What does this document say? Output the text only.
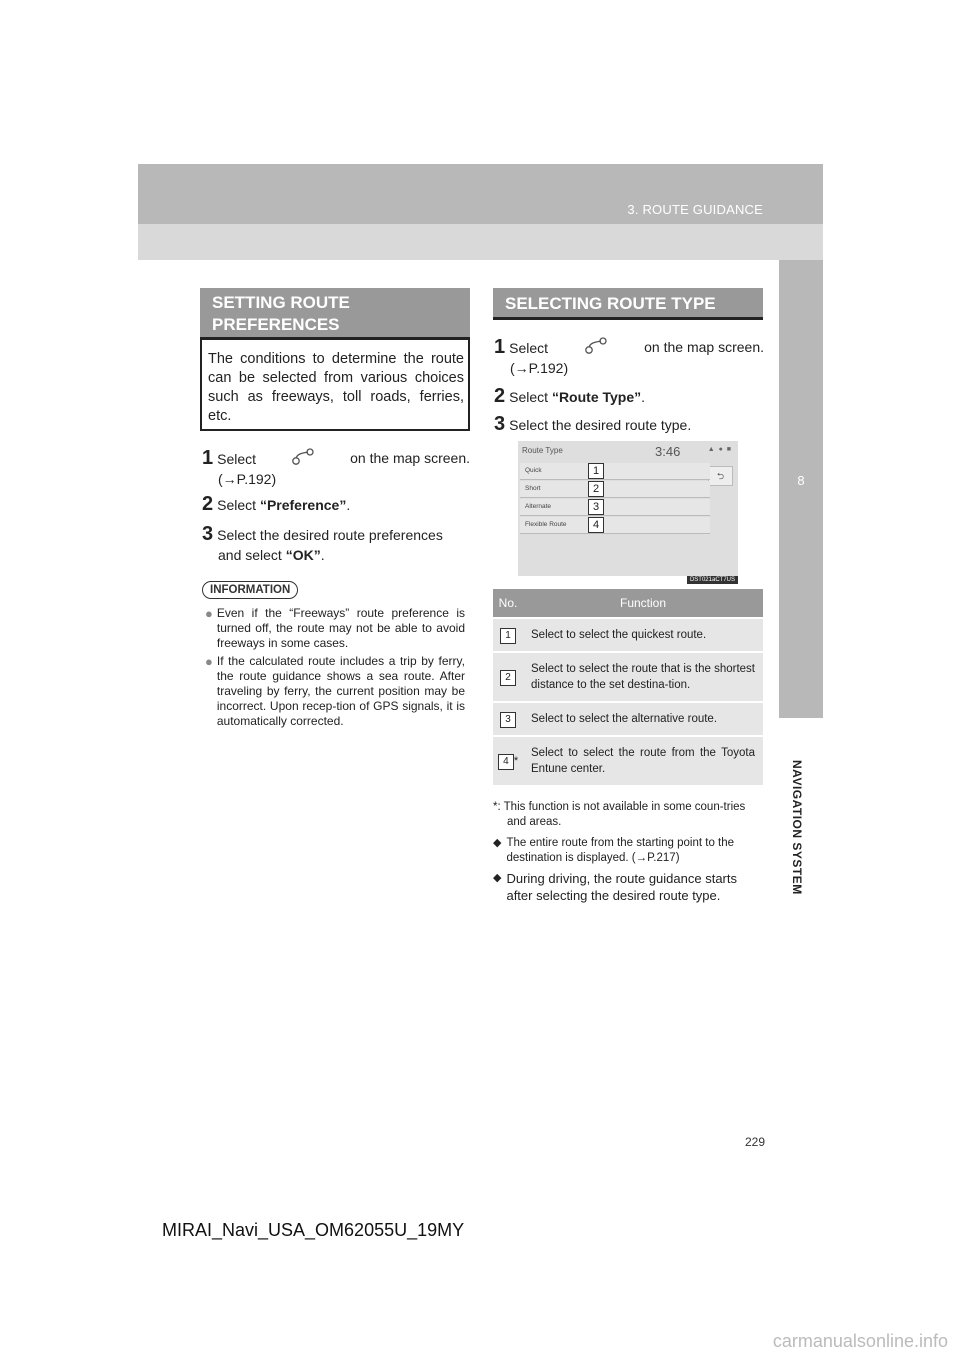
3. ROUTE GUIDANCE
8
NAVIGATION SYSTEM
SETTING ROUTE PREFERENCES
The conditions to determine the route can be selected from various choices such as freeways, toll roads, ferries, etc.
1 Select	on the map screen.
(→P.192)
2 Select “Preference”.
3 Select the desired route preferences
and select “OK”.
INFORMATION
● Even if the “Freeways” route preference is turned off, the route may not be able to avoid freeways in some cases.
● If the calculated route includes a trip by ferry, the route guidance shows a sea route. After traveling by ferry, the current position may be incorrect. Upon recep-tion of GPS signals, it is automatically corrected.
SELECTING ROUTE TYPE
1 Select	on the map screen.
(→P.192)
2 Select “Route Type”.
3 Select the desired route type.
Route Type	3:46	▲ ● ■
⮌
Quick	1
Short	2
Alternate	3
Flexible Route	4
DST021aCT7US
No.	Function
1	Select to select the quickest route.
2	Select to select the route that is the shortest distance to the set destina-tion.
3	Select to select the alternative route.
4 *	Select to select the route from the Toyota Entune center.
*: This function is not available in some coun-tries and areas.
◆ The entire route from the starting point to the destination is displayed. (→P.217)
◆ During driving, the route guidance starts after selecting the desired route type.
229
MIRAI_Navi_USA_OM62055U_19MY
carmanualsonline.info
